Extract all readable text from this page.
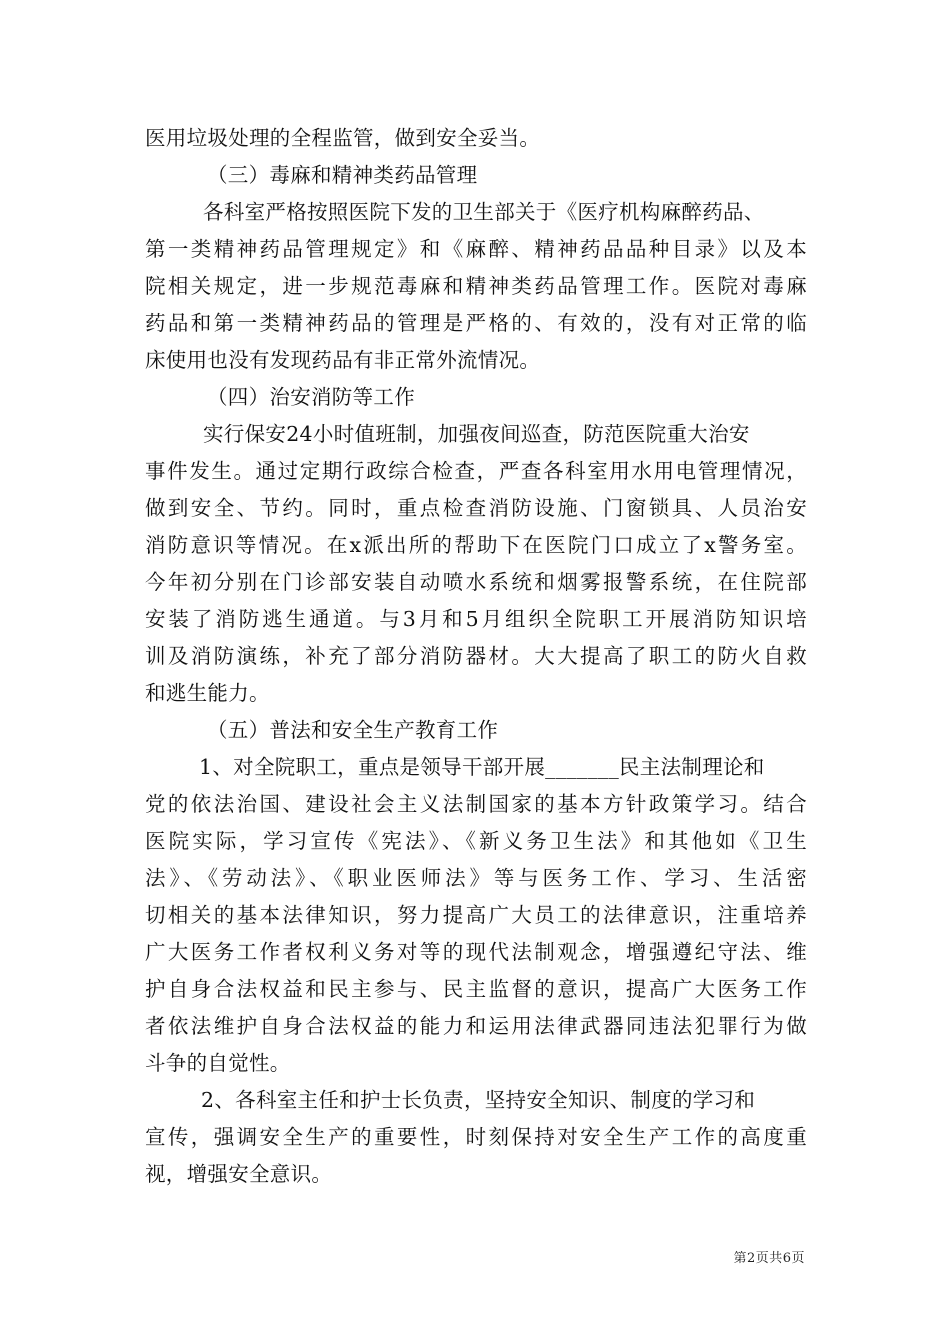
医用垃圾处理的全程监管，做到安全妥当。
（三）毒麻和精神类药品管理
各科室严格按照医院下发的卫生部关于《医疗机构麻醉药品、
第一类精神药品管理规定》和《麻醉、精神药品品种目录》以及本
院相关规定，进一步规范毒麻和精神类药品管理工作。医院对毒麻
药品和第一类精神药品的管理是严格的、有效的，没有对正常的临
床使用也没有发现药品有非正常外流情况。
（四）治安消防等工作
实行保安24小时值班制，加强夜间巡查，防范医院重大治安
事件发生。通过定期行政综合检查，严查各科室用水用电管理情况，
做到安全、节约。同时，重点检查消防设施、门窗锁具、人员治安
消防意识等情况。在x派出所的帮助下在医院门口成立了x警务室。
今年初分别在门诊部安装自动喷水系统和烟雾报警系统，在住院部
安装了消防逃生通道。与3月和5月组织全院职工开展消防知识培
训及消防演练，补充了部分消防器材。大大提高了职工的防火自救
和逃生能力。
（五）普法和安全生产教育工作
1、对全院职工，重点是领导干部开展_______民主法制理论和
党的依法治国、建设社会主义法制国家的基本方针政策学习。结合
医院实际，学习宣传《宪法》、《新义务卫生法》和其他如《卫生
法》、《劳动法》、《职业医师法》等与医务工作、学习、生活密
切相关的基本法律知识，努力提高广大员工的法律意识，注重培养
广大医务工作者权利义务对等的现代法制观念，增强遵纪守法、维
护自身合法权益和民主参与、民主监督的意识，提高广大医务工作
者依法维护自身合法权益的能力和运用法律武器同违法犯罪行为做
斗争的自觉性。
2、各科室主任和护士长负责，坚持安全知识、制度的学习和
宣传，强调安全生产的重要性，时刻保持对安全生产工作的高度重
视，增强安全意识。
第2页共6页
